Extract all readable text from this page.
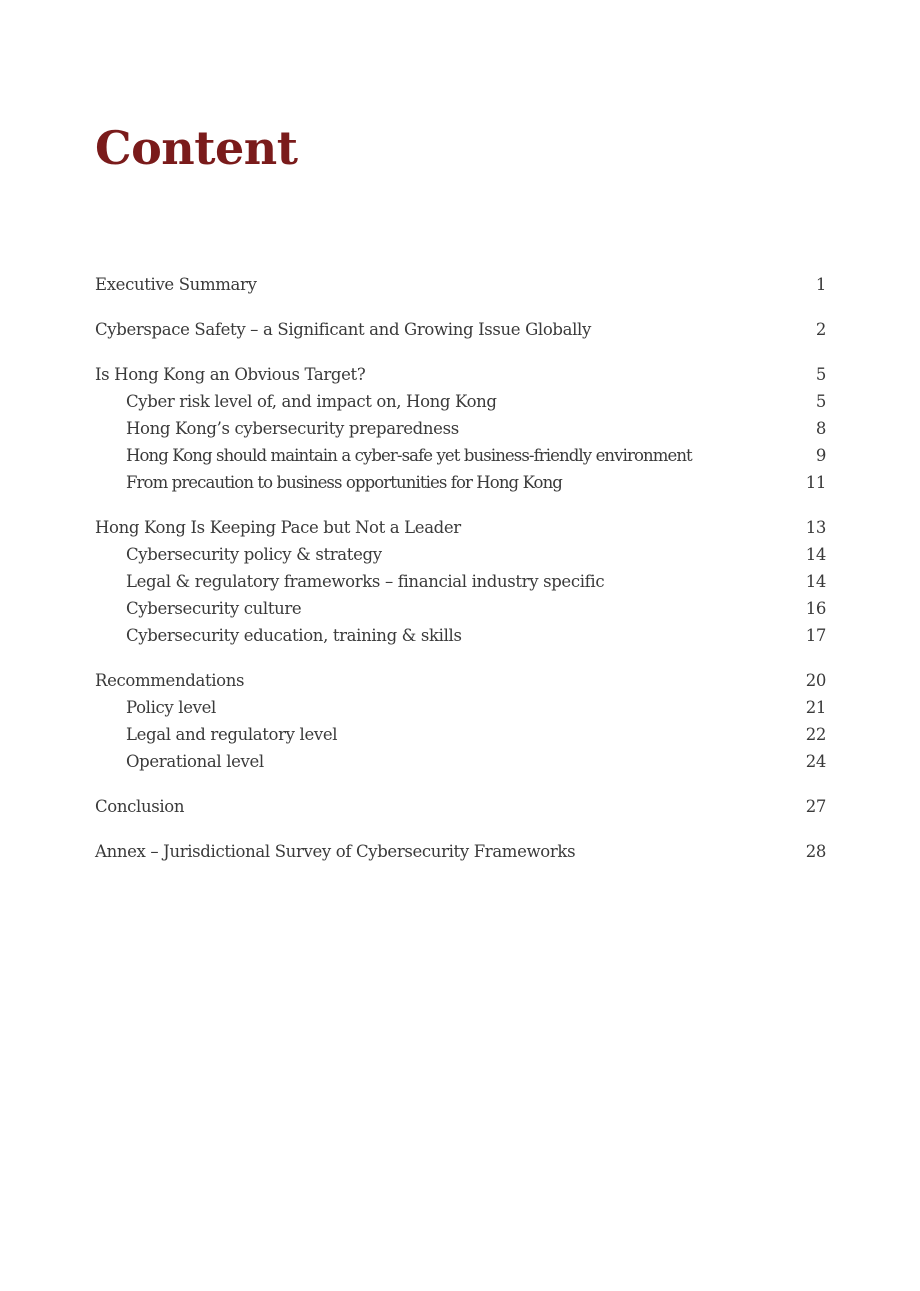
Content
Executive Summary	1
Cyberspace Safety – a Significant and Growing Issue Globally	2
Is Hong Kong an Obvious Target?	5
Cyber risk level of, and impact on, Hong Kong	5
Hong Kong’s cybersecurity preparedness	8
Hong Kong should maintain a cyber-safe yet business-friendly environment	9
From precaution to business opportunities for Hong Kong	11
Hong Kong Is Keeping Pace but Not a Leader	13
Cybersecurity policy & strategy	14
Legal & regulatory frameworks – financial industry specific	14
Cybersecurity culture	16
Cybersecurity education, training & skills	17
Recommendations	20
Policy level	21
Legal and regulatory level	22
Operational level	24
Conclusion	27
Annex – Jurisdictional Survey of Cybersecurity Frameworks	28
